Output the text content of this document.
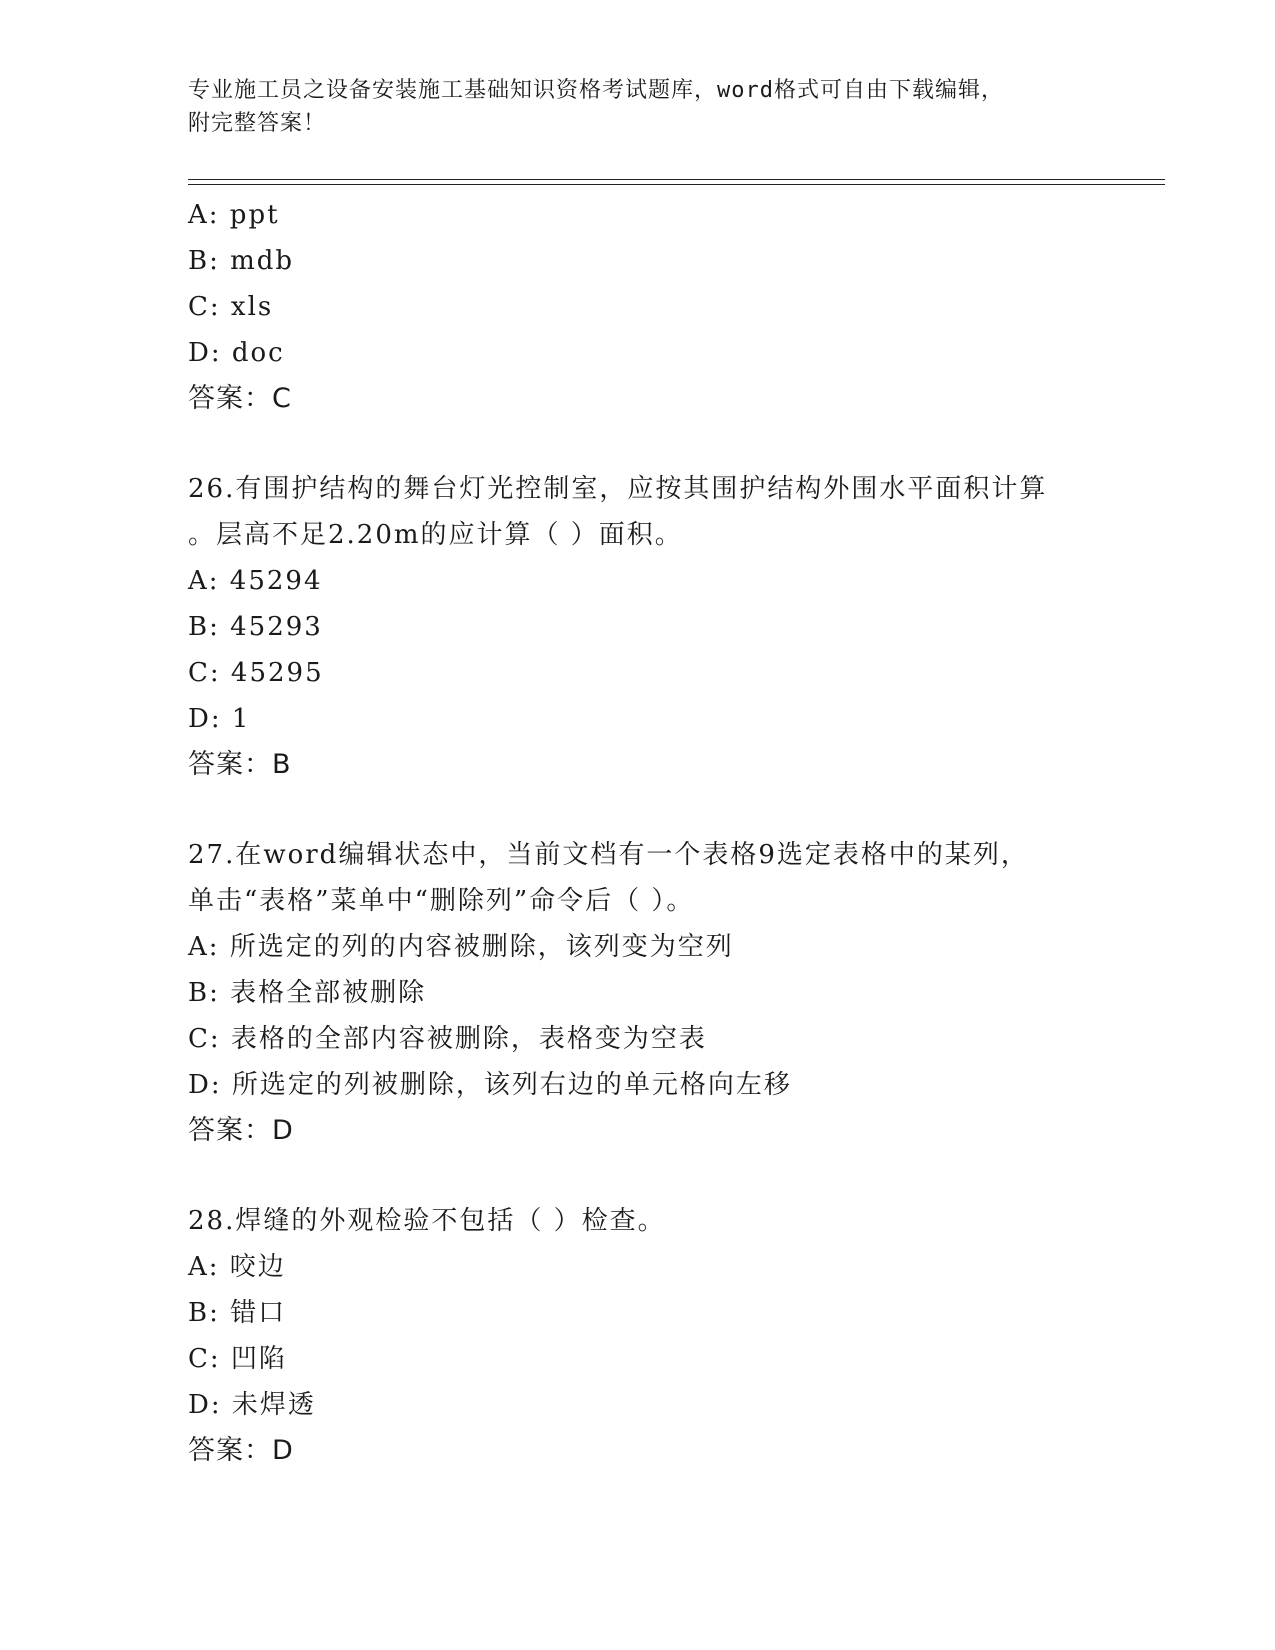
专业施工员之设备安装施工基础知识资格考试题库，word格式可自由下载编辑，
附完整答案！
A: ppt
B: mdb
C: xls
D: doc
答案：C
26.有围护结构的舞台灯光控制室，应按其围护结构外围水平面积计算
。层高不足2.20m的应计算（ ）面积。
A: 45294
B: 45293
C: 45295
D: 1
答案：B
27.在word编辑状态中，当前文档有一个表格9选定表格中的某列，
单击“表格”菜单中“删除列”命令后（ ）。
A: 所选定的列的内容被删除，该列变为空列
B: 表格全部被删除
C: 表格的全部内容被删除，表格变为空表
D: 所选定的列被删除，该列右边的单元格向左移
答案：D
28.焊缝的外观检验不包括（ ）检查。
A: 咬边
B: 错口
C: 凹陷
D: 未焊透
答案：D
